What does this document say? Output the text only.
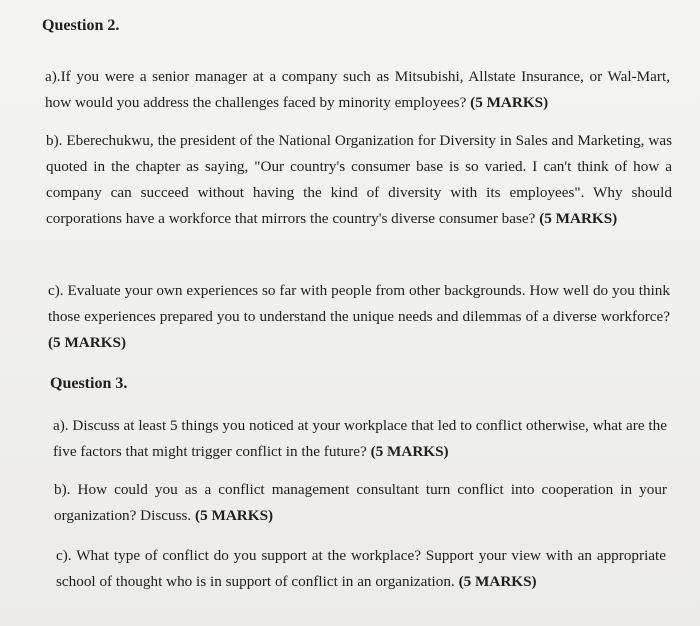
Question 2.

a).If you were a senior manager at a company such as Mitsubishi, Allstate Insurance, or Wal-Mart, how would you address the challenges faced by minority employees? (5 MARKS)

b). Eberechukwu, the president of the National Organization for Diversity in Sales and Marketing, was quoted in the chapter as saying, "Our country's consumer base is so varied. I can't think of how a company can succeed without having the kind of diversity with its employees". Why should corporations have a workforce that mirrors the country's diverse consumer base? (5 MARKS)

c). Evaluate your own experiences so far with people from other backgrounds. How well do you think those experiences prepared you to understand the unique needs and dilemmas of a diverse workforce? (5 MARKS)

Question 3.

a). Discuss at least 5 things you noticed at your workplace that led to conflict otherwise, what are the five factors that might trigger conflict in the future? (5 MARKS)

b). How could you as a conflict management consultant turn conflict into cooperation in your organization? Discuss. (5 MARKS)

c). What type of conflict do you support at the workplace? Support your view with an appropriate school of thought who is in support of conflict in an organization. (5 MARKS)
